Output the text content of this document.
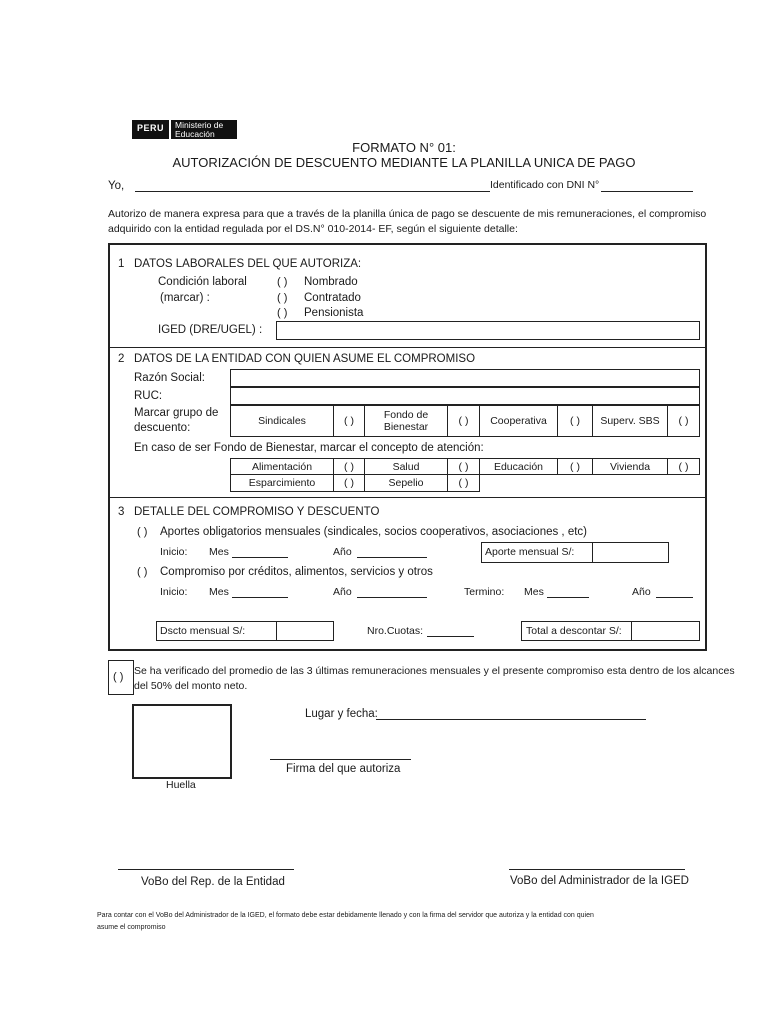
PERU	Ministerio de
Educación
FORMATO N° 01:
AUTORIZACIÓN DE DESCUENTO MEDIANTE LA PLANILLA UNICA DE PAGO
Yo,	Identificado con DNI N°
Autorizo de manera expresa para que a través de la planilla única de pago se descuente de mis remuneraciones, el compromiso
adquirido con la entidad regulada por el DS.N° 010-2014- EF, según el siguiente detalle:
1 DATOS LABORALES DEL QUE AUTORIZA:
Condición laboral
(marcar) :
( ) Nombrado
( ) Contratado
( ) Pensionista
IGED (DRE/UGEL) :
2 DATOS DE LA ENTIDAD CON QUIEN ASUME EL COMPROMISO
Razón Social:
RUC:
Marcar grupo de
descuento:
Sindicales	( )	Fondo de Bienestar	( )	Cooperativa	( )	Superv. SBS	( )
En caso de ser Fondo de Bienestar, marcar el concepto de atención:
Alimentación	( )	Salud	( )	Educación	( )	Vivienda	( )
Esparcimiento	( )	Sepelio	( )
3 DETALLE DEL COMPROMISO Y DESCUENTO
( ) Aportes obligatorios mensuales (sindicales, socios cooperativos, asociaciones , etc)
Inicio: Mes	Año	Aporte mensual S/:
( ) Compromiso por créditos, alimentos, servicios y otros
Inicio: Mes	Año	Termino: Mes	Año
Dscto mensual S/:	Nro.Cuotas:	Total a descontar S/:
( ) Se ha verificado del promedio de las 3 últimas remuneraciones mensuales y el presente compromiso esta dentro de los alcances
del 50% del monto neto.
Huella
Lugar y fecha:
Firma del que autoriza
VoBo del Rep. de la Entidad	VoBo del Administrador de la IGED
Para contar con el VoBo del Administrador de la IGED, el formato debe estar debidamente llenado y con la firma del servidor que autoriza y la entidad con quien
asume el compromiso
